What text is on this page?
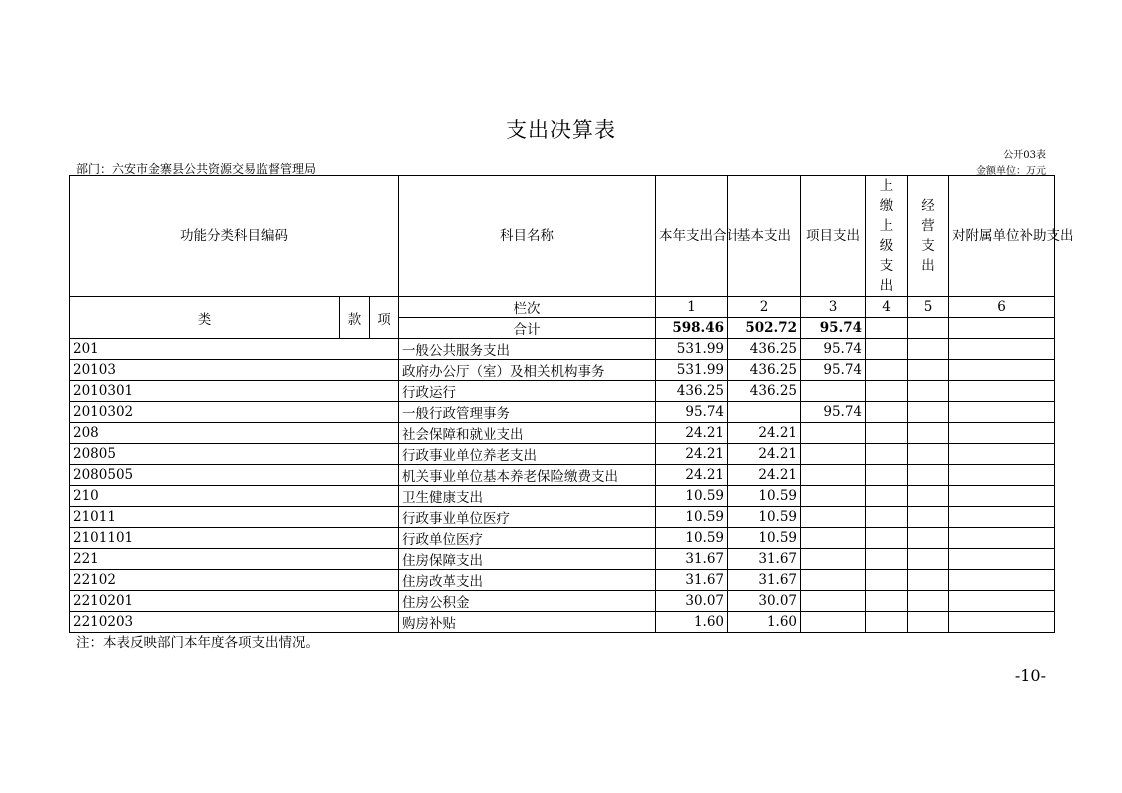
支出决算表
公开03表
部门：六安市金寨县公共资源交易监督管理局	金额单位：万元
功能分类科目编码			科目名称	本年支出合计	基本支出	项目支出	上缴上级支出	经营支出	对附属单位补助支出
类	款	项	栏次	1	2	3	4	5	6
			合计	598.46	502.72	95.74			
201			一般公共服务支出	531.99	436.25	95.74			
20103			政府办公厅（室）及相关机构事务	531.99	436.25	95.74			
2010301			行政运行	436.25	436.25				
2010302			一般行政管理事务	95.74		95.74			
208			社会保障和就业支出	24.21	24.21				
20805			行政事业单位养老支出	24.21	24.21				
2080505			机关事业单位基本养老保险缴费支出	24.21	24.21				
210			卫生健康支出	10.59	10.59				
21011			行政事业单位医疗	10.59	10.59				
2101101			行政单位医疗	10.59	10.59				
221			住房保障支出	31.67	31.67				
22102			住房改革支出	31.67	31.67				
2210201			住房公积金	30.07	30.07				
2210203			购房补贴	1.60	1.60				
注：本表反映部门本年度各项支出情况。
-10-
